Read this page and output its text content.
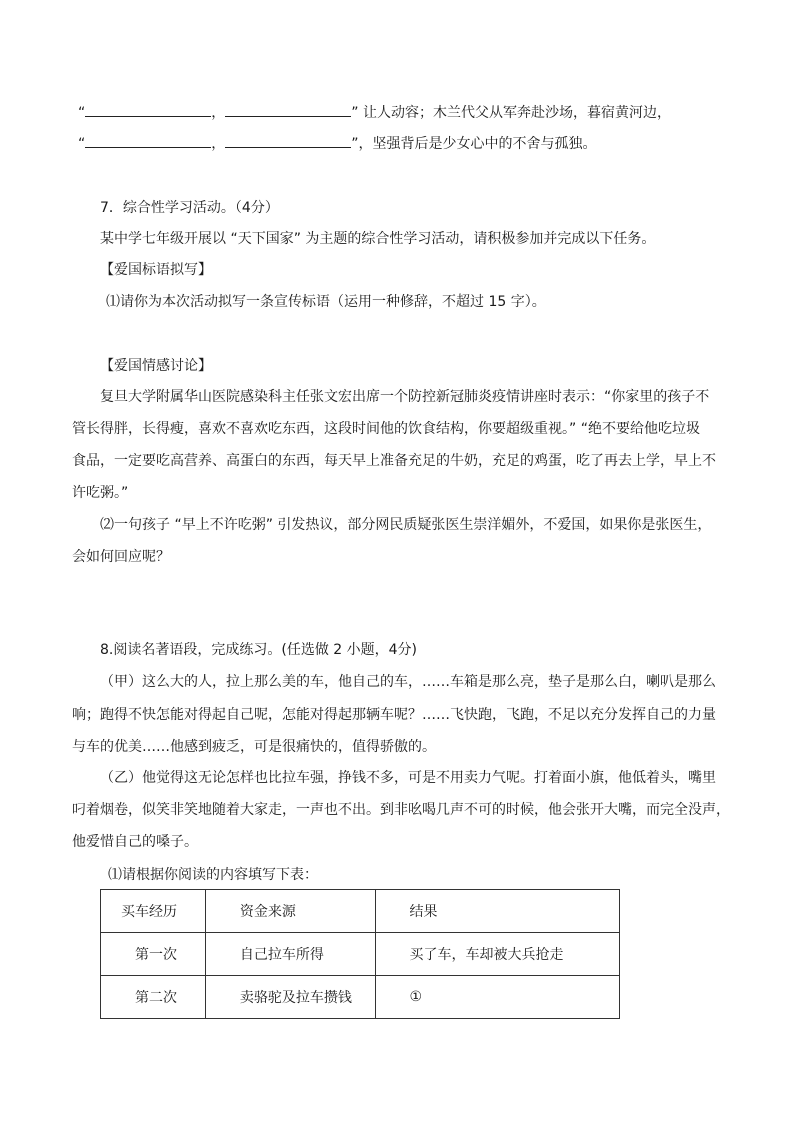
“	，	” 让人动容；木兰代父从军奔赴沙场，暮宿黄河边，
“	，	”，坚强背后是少女心中的不舍与孤独。
7．综合性学习活动。（4分）
某中学七年级开展以 “天下国家” 为主题的综合性学习活动，请积极参加并完成以下任务。
【爱国标语拟写】
⑴请你为本次活动拟写一条宣传标语（运用一种修辞，不超过 15 字）。
【爱国情感讨论】
复旦大学附属华山医院感染科主任张文宏出席一个防控新冠肺炎疫情讲座时表示：“你家里的孩子不
管长得胖，长得瘦，喜欢不喜欢吃东西，这段时间他的饮食结构，你要超级重视。” “绝不要给他吃垃圾
食品，一定要吃高营养、高蛋白的东西，每天早上准备充足的牛奶，充足的鸡蛋，吃了再去上学，早上不
许吃粥。”
⑵一句孩子 “早上不许吃粥” 引发热议，部分网民质疑张医生崇洋媚外，不爱国，如果你是张医生，
会如何回应呢？
8.阅读名著语段，完成练习。(任选做 2 小题，4分)
（甲）这么大的人，拉上那么美的车，他自己的车，……车箱是那么亮，垫子是那么白，喇叭是那么
响；跑得不快怎能对得起自己呢，怎能对得起那辆车呢？……飞快跑，飞跑，不足以充分发挥自己的力量
与车的优美……他感到疲乏，可是很痛快的，值得骄傲的。
（乙）他觉得这无论怎样也比拉车强，挣钱不多，可是不用卖力气呢。打着面小旗，他低着头，嘴里
叼着烟卷，似笑非笑地随着大家走，一声也不出。到非吆喝几声不可的时候，他会张开大嘴，而完全没声，
他爱惜自己的嗓子。
⑴请根据你阅读的内容填写下表：
买车经历	资金来源	结果
第一次	自己拉车所得	买了车，车却被大兵抢走
第二次	卖骆驼及拉车攒钱	①
